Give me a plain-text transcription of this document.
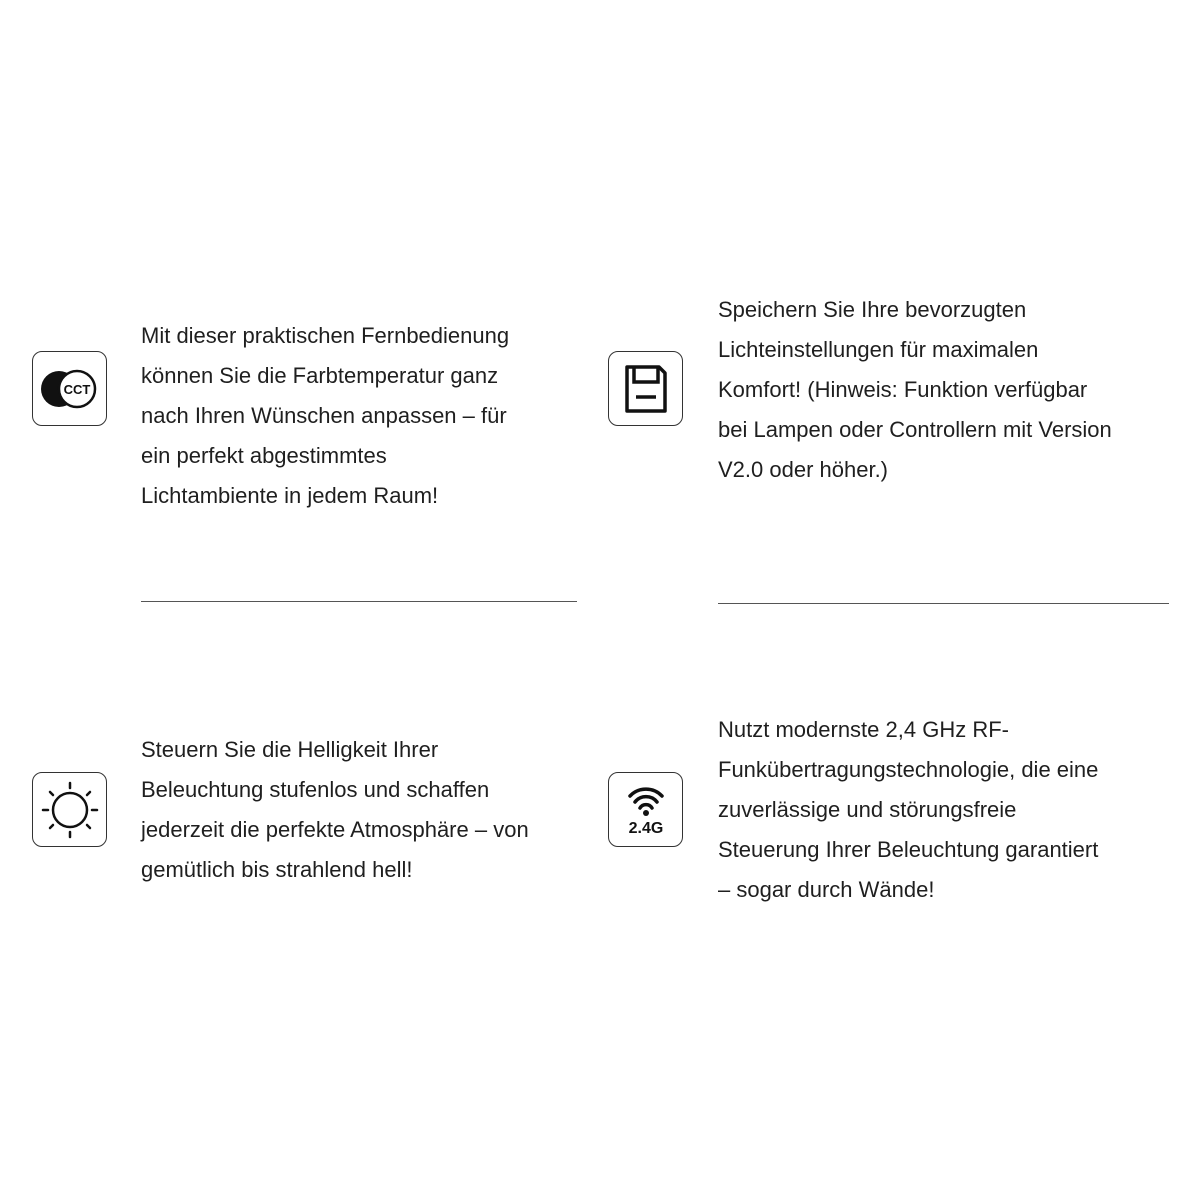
CCT
Mit dieser praktischen Fernbedienung
können Sie die Farbtemperatur ganz
nach Ihren Wünschen anpassen – für
ein perfekt abgestimmtes
Lichtambiente in jedem Raum!
Speichern Sie Ihre bevorzugten
Lichteinstellungen für maximalen
Komfort! (Hinweis: Funktion verfügbar
bei Lampen oder Controllern mit Version
V2.0 oder höher.)
Steuern Sie die Helligkeit Ihrer
Beleuchtung stufenlos und schaffen
jederzeit die perfekte Atmosphäre – von
gemütlich bis strahlend hell!
2.4G
Nutzt modernste 2,4 GHz RF-
Funkübertragungstechnologie, die eine
zuverlässige und störungsfreie
Steuerung Ihrer Beleuchtung garantiert
– sogar durch Wände!
